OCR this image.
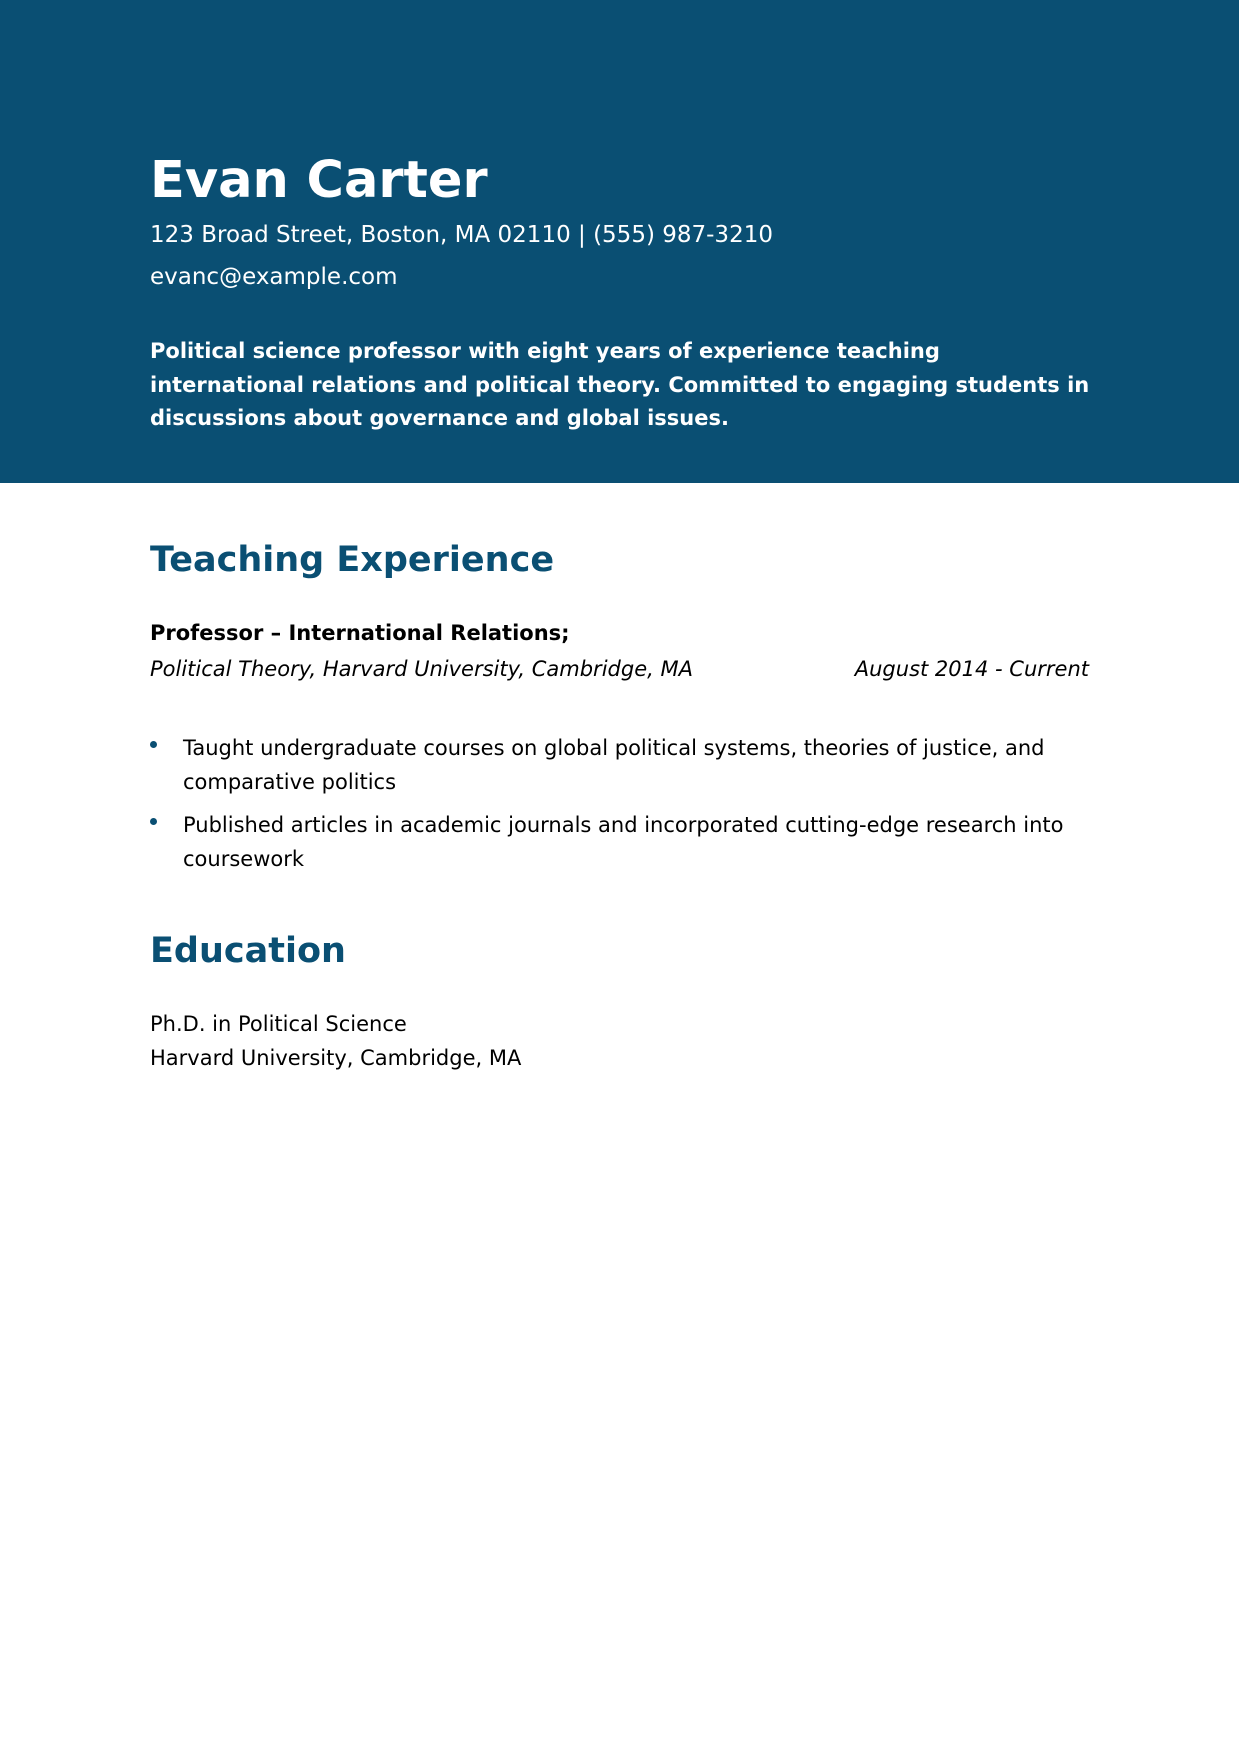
Evan Carter
123 Broad Street, Boston, MA 02110 | (555) 987-3210
evanc@example.com

Political science professor with eight years of experience teaching international relations and political theory. Committed to engaging students in discussions about governance and global issues.

Teaching Experience
Professor – International Relations;
Political Theory, Harvard University, Cambridge, MA	August 2014 - Current
Taught undergraduate courses on global political systems, theories of justice, and comparative politics
Published articles in academic journals and incorporated cutting-edge research into coursework
Education
Ph.D. in Political Science
Harvard University, Cambridge, MA
